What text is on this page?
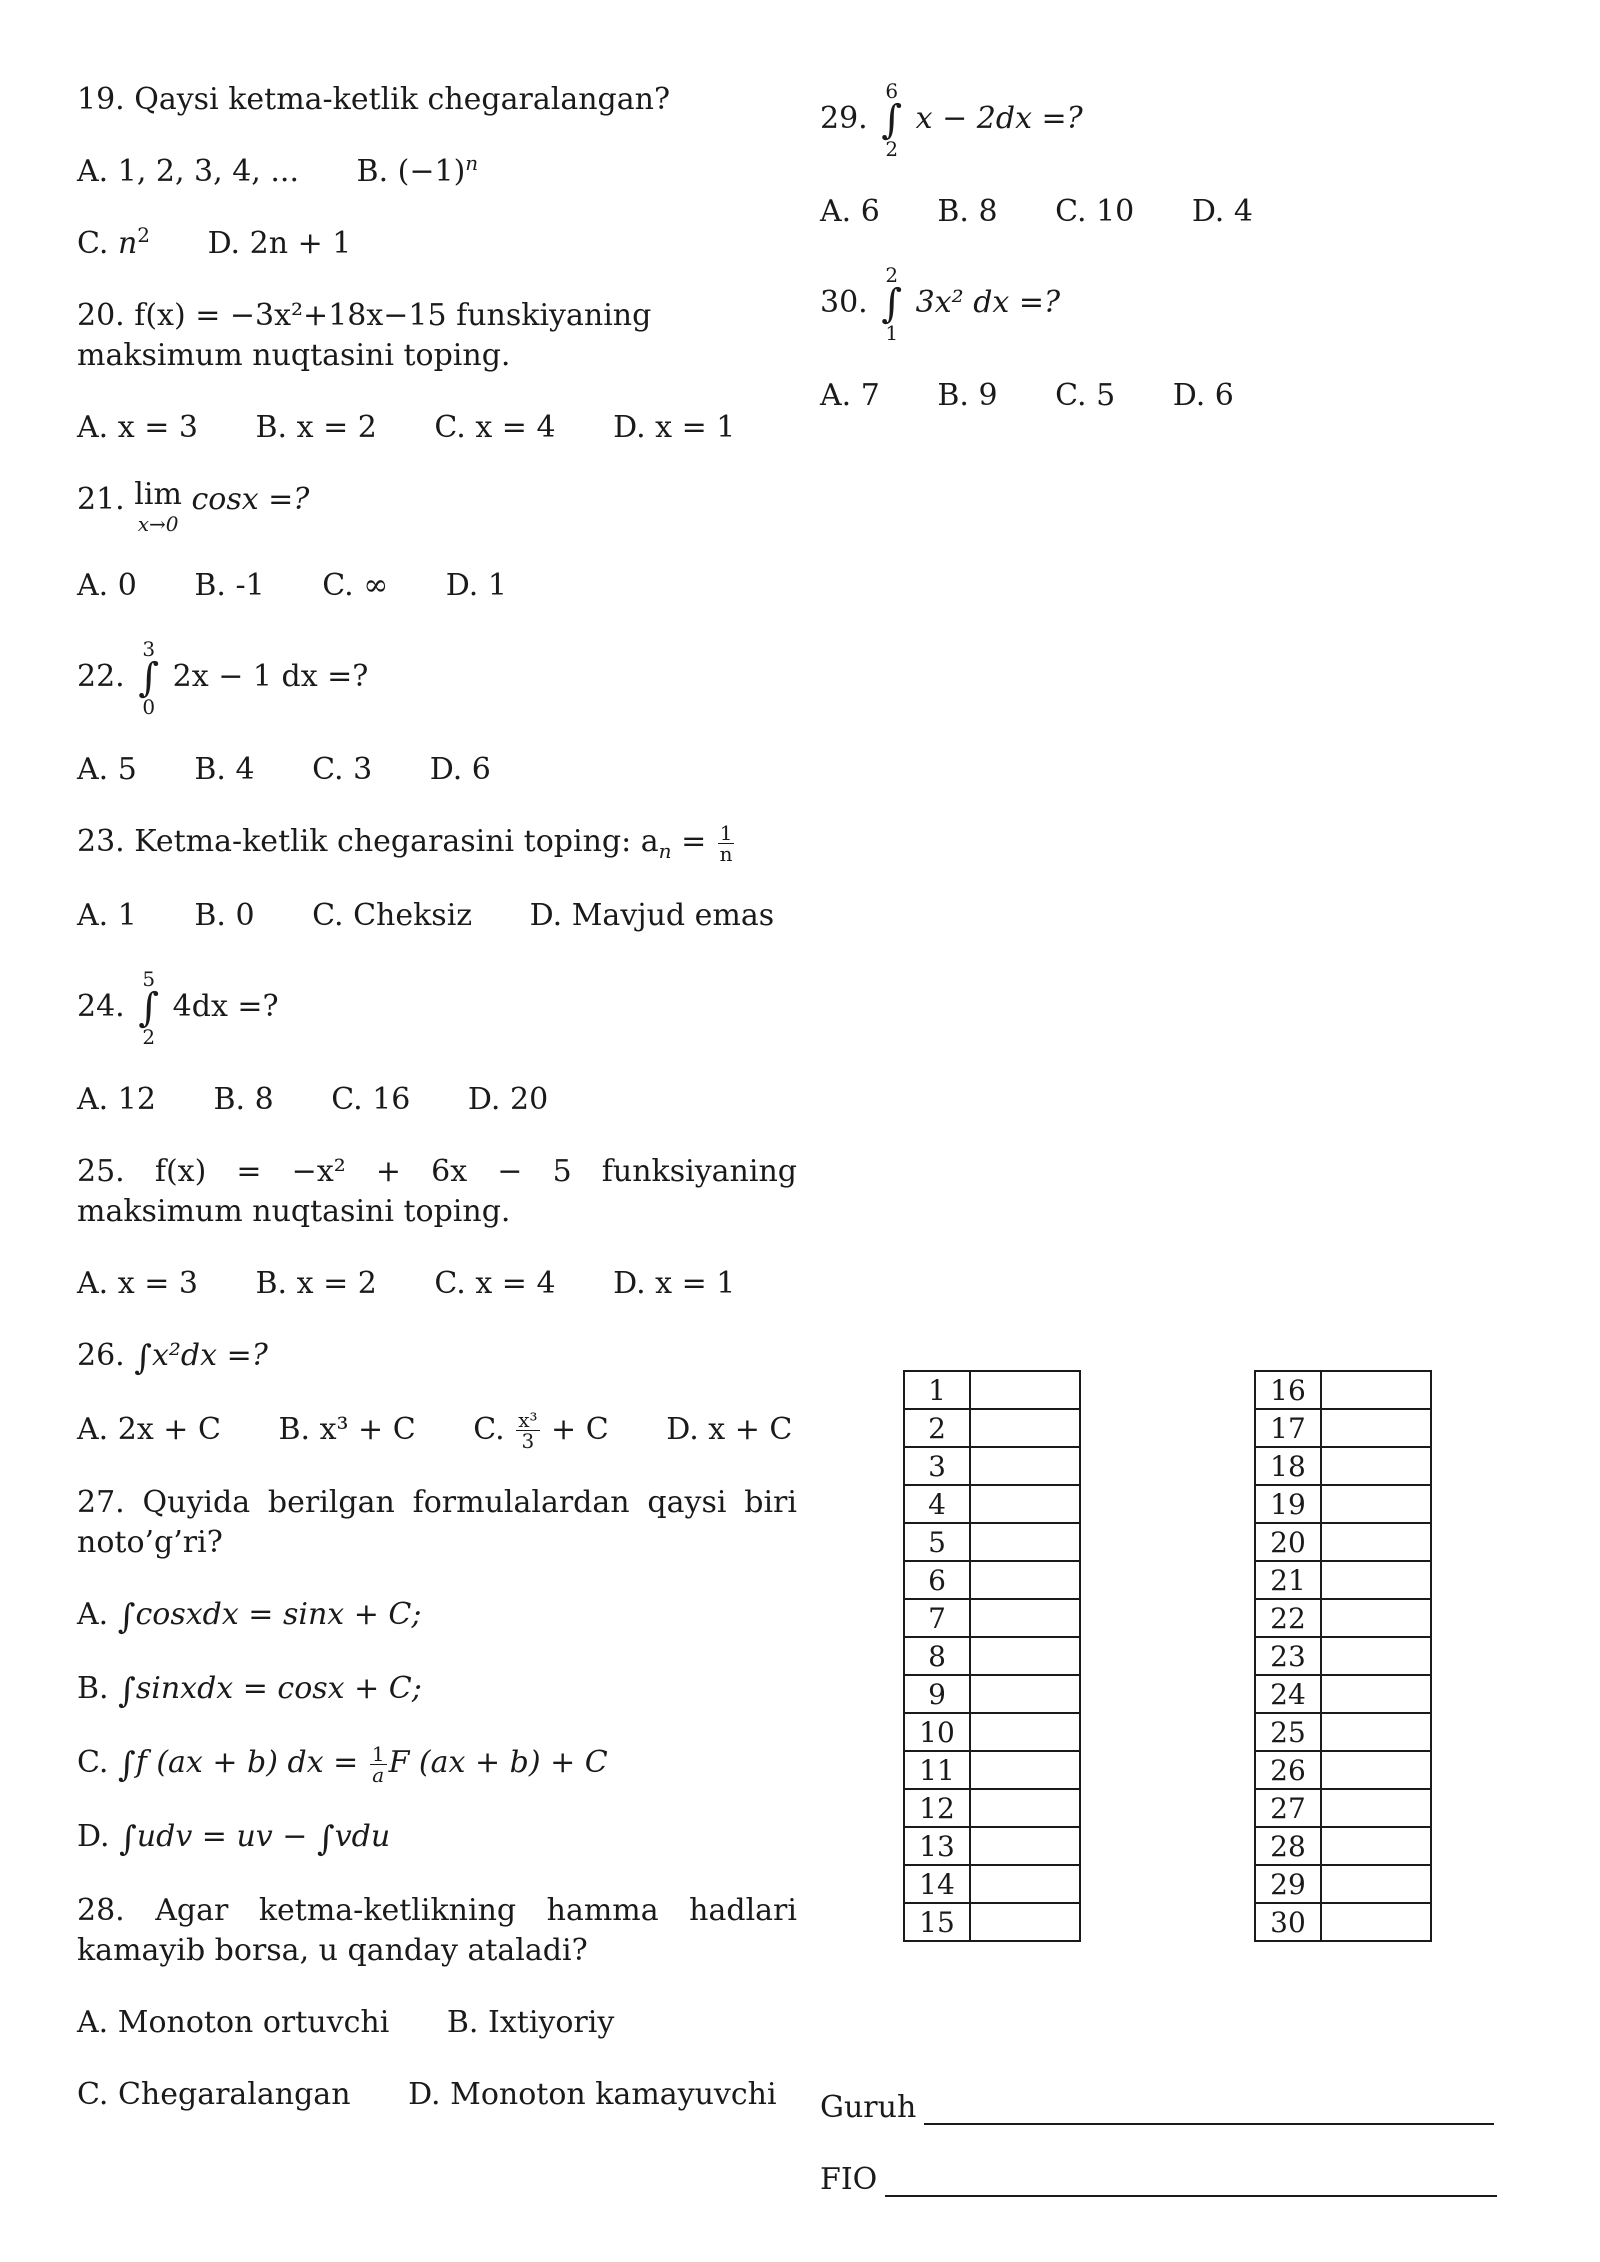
19. Qaysi ketma-ketlik chegaralangan?
A. 1, 2, 3, 4, ... B. $(-1)^n$
C. $n^2$ D. 2n + 1
20. f(x) = −3x²+18x−15 funskiyaning maksimum nuqtasini toping.
A. x = 3 B. x = 2 C. x = 4 D. x = 1
21. lim
x→0
cosx =?
A. 0 B. -1 C. ∞ D. 1
22.
3
∫
0
2x − 1 dx =?
A. 5 B. 4 C. 3 D. 6
23. Ketma-ketlik chegarasini toping: $a_n = \frac{1}{n}$
A. 1 B. 0 C. Cheksiz D. Mavjud emas
24.
5
∫
2
4dx =?
A. 12 B. 8 C. 16 D. 20
25. f(x) = −x² + 6x − 5 funksiyaning maksimum nuqtasini toping.
A. x = 3 B. x = 2 C. x = 4 D. x = 1
26. ∫x²dx =?
A. 2x + C B. x³ + C C. $\frac{\text{x³}}{3} + C$ D. x + C
27. Quyida berilgan formulalardan qaysi biri noto’g’ri?
A. ∫cosxdx = sinx + C;
B. ∫sinxdx = cosx + C;
C. ∫f (ax + b) dx = $\frac{1}{a}$ F (ax + b) + C
D. ∫udv = uv − ∫vdu
28. Agar ketma-ketlikning hamma hadlari kamayib borsa, u qanday ataladi?
A. Monoton ortuvchi B. Ixtiyoriy
C. Chegaralangan D. Monoton kamayuvchi
29.
6
∫
2
x − 2dx =?
A. 6 B. 8 C. 10 D. 4
30.
2
∫
1
3x² dx =?
A. 7 B. 9 C. 5 D. 6
1	
2	
3	
4	
5	
6	
7	
8	
9	
10	
11	
12	
13	
14	
15	
16	
17	
18	
19	
20	
21	
22	
23	
24	
25	
26	
27	
28	
29	
30	
Guruh
FIO
